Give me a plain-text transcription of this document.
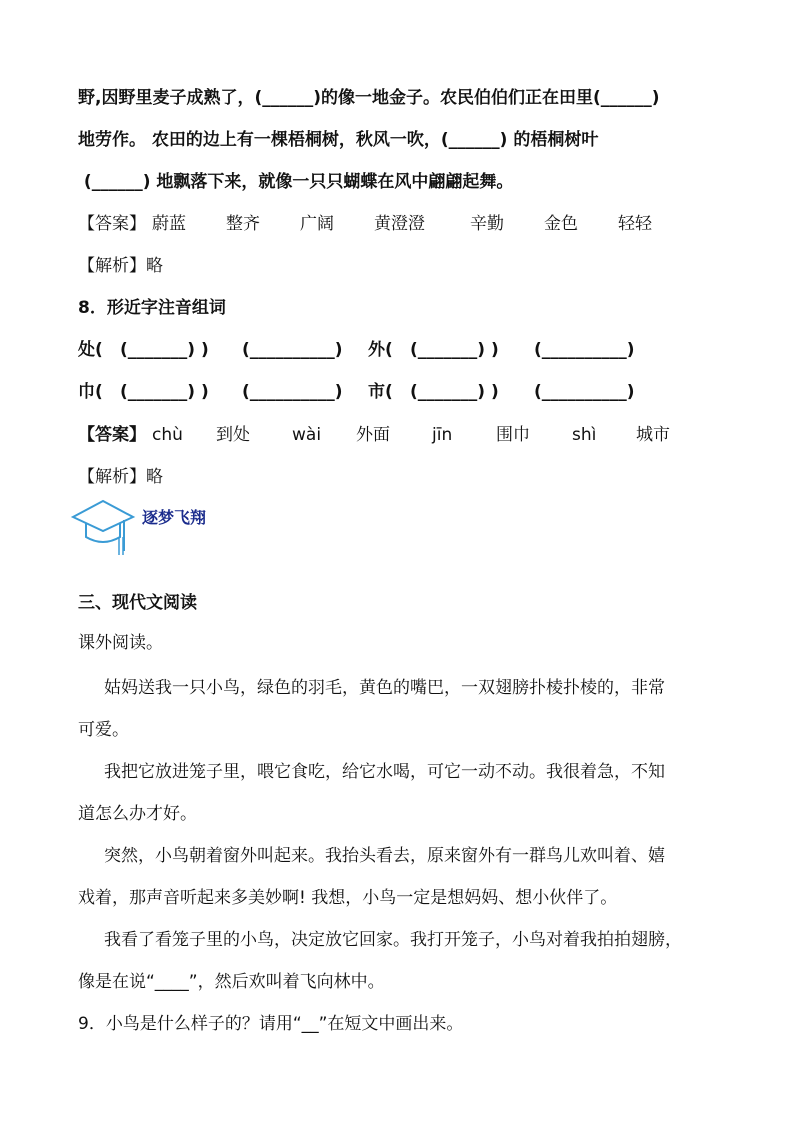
野,因野里麦子成熟了，(______)的像一地金子。农民伯伯们正在田里(______)
地劳作。 农田的边上有一棵梧桐树，秋风一吹，(______) 的梧桐树叶
(______) 地飘落下来，就像一只只蝴蝶在风中翩翩起舞。
【答案】 蔚蓝 整齐 广阔 黄澄澄	辛勤 金色 轻轻
【解析】略
8．形近字注音组词
处( (_______) ) (__________) 外( (_______) ) (__________)
巾( (_______) ) (__________) 市( (_______) ) (__________)
【答案】 chù 到处 wài 外面 jīn	围巾 shì 城市
【解析】略
逐梦飞翔
三、现代文阅读
课外阅读。
姑妈送我一只小鸟，绿色的羽毛，黄色的嘴巴，一双翅膀扑棱扑棱的，非常
可爱。
我把它放进笼子里，喂它食吃，给它水喝，可它一动不动。我很着急，不知
道怎么办才好。
突然，小鸟朝着窗外叫起来。我抬头看去，原来窗外有一群鸟儿欢叫着、嬉
戏着，那声音听起来多美妙啊! 我想，小鸟一定是想妈妈、想小伙伴了。
我看了看笼子里的小鸟，决定放它回家。我打开笼子，小鸟对着我拍拍翅膀，
像是在说“____”，然后欢叫着飞向林中。
9．小鸟是什么样子的？请用“__”在短文中画出来。
